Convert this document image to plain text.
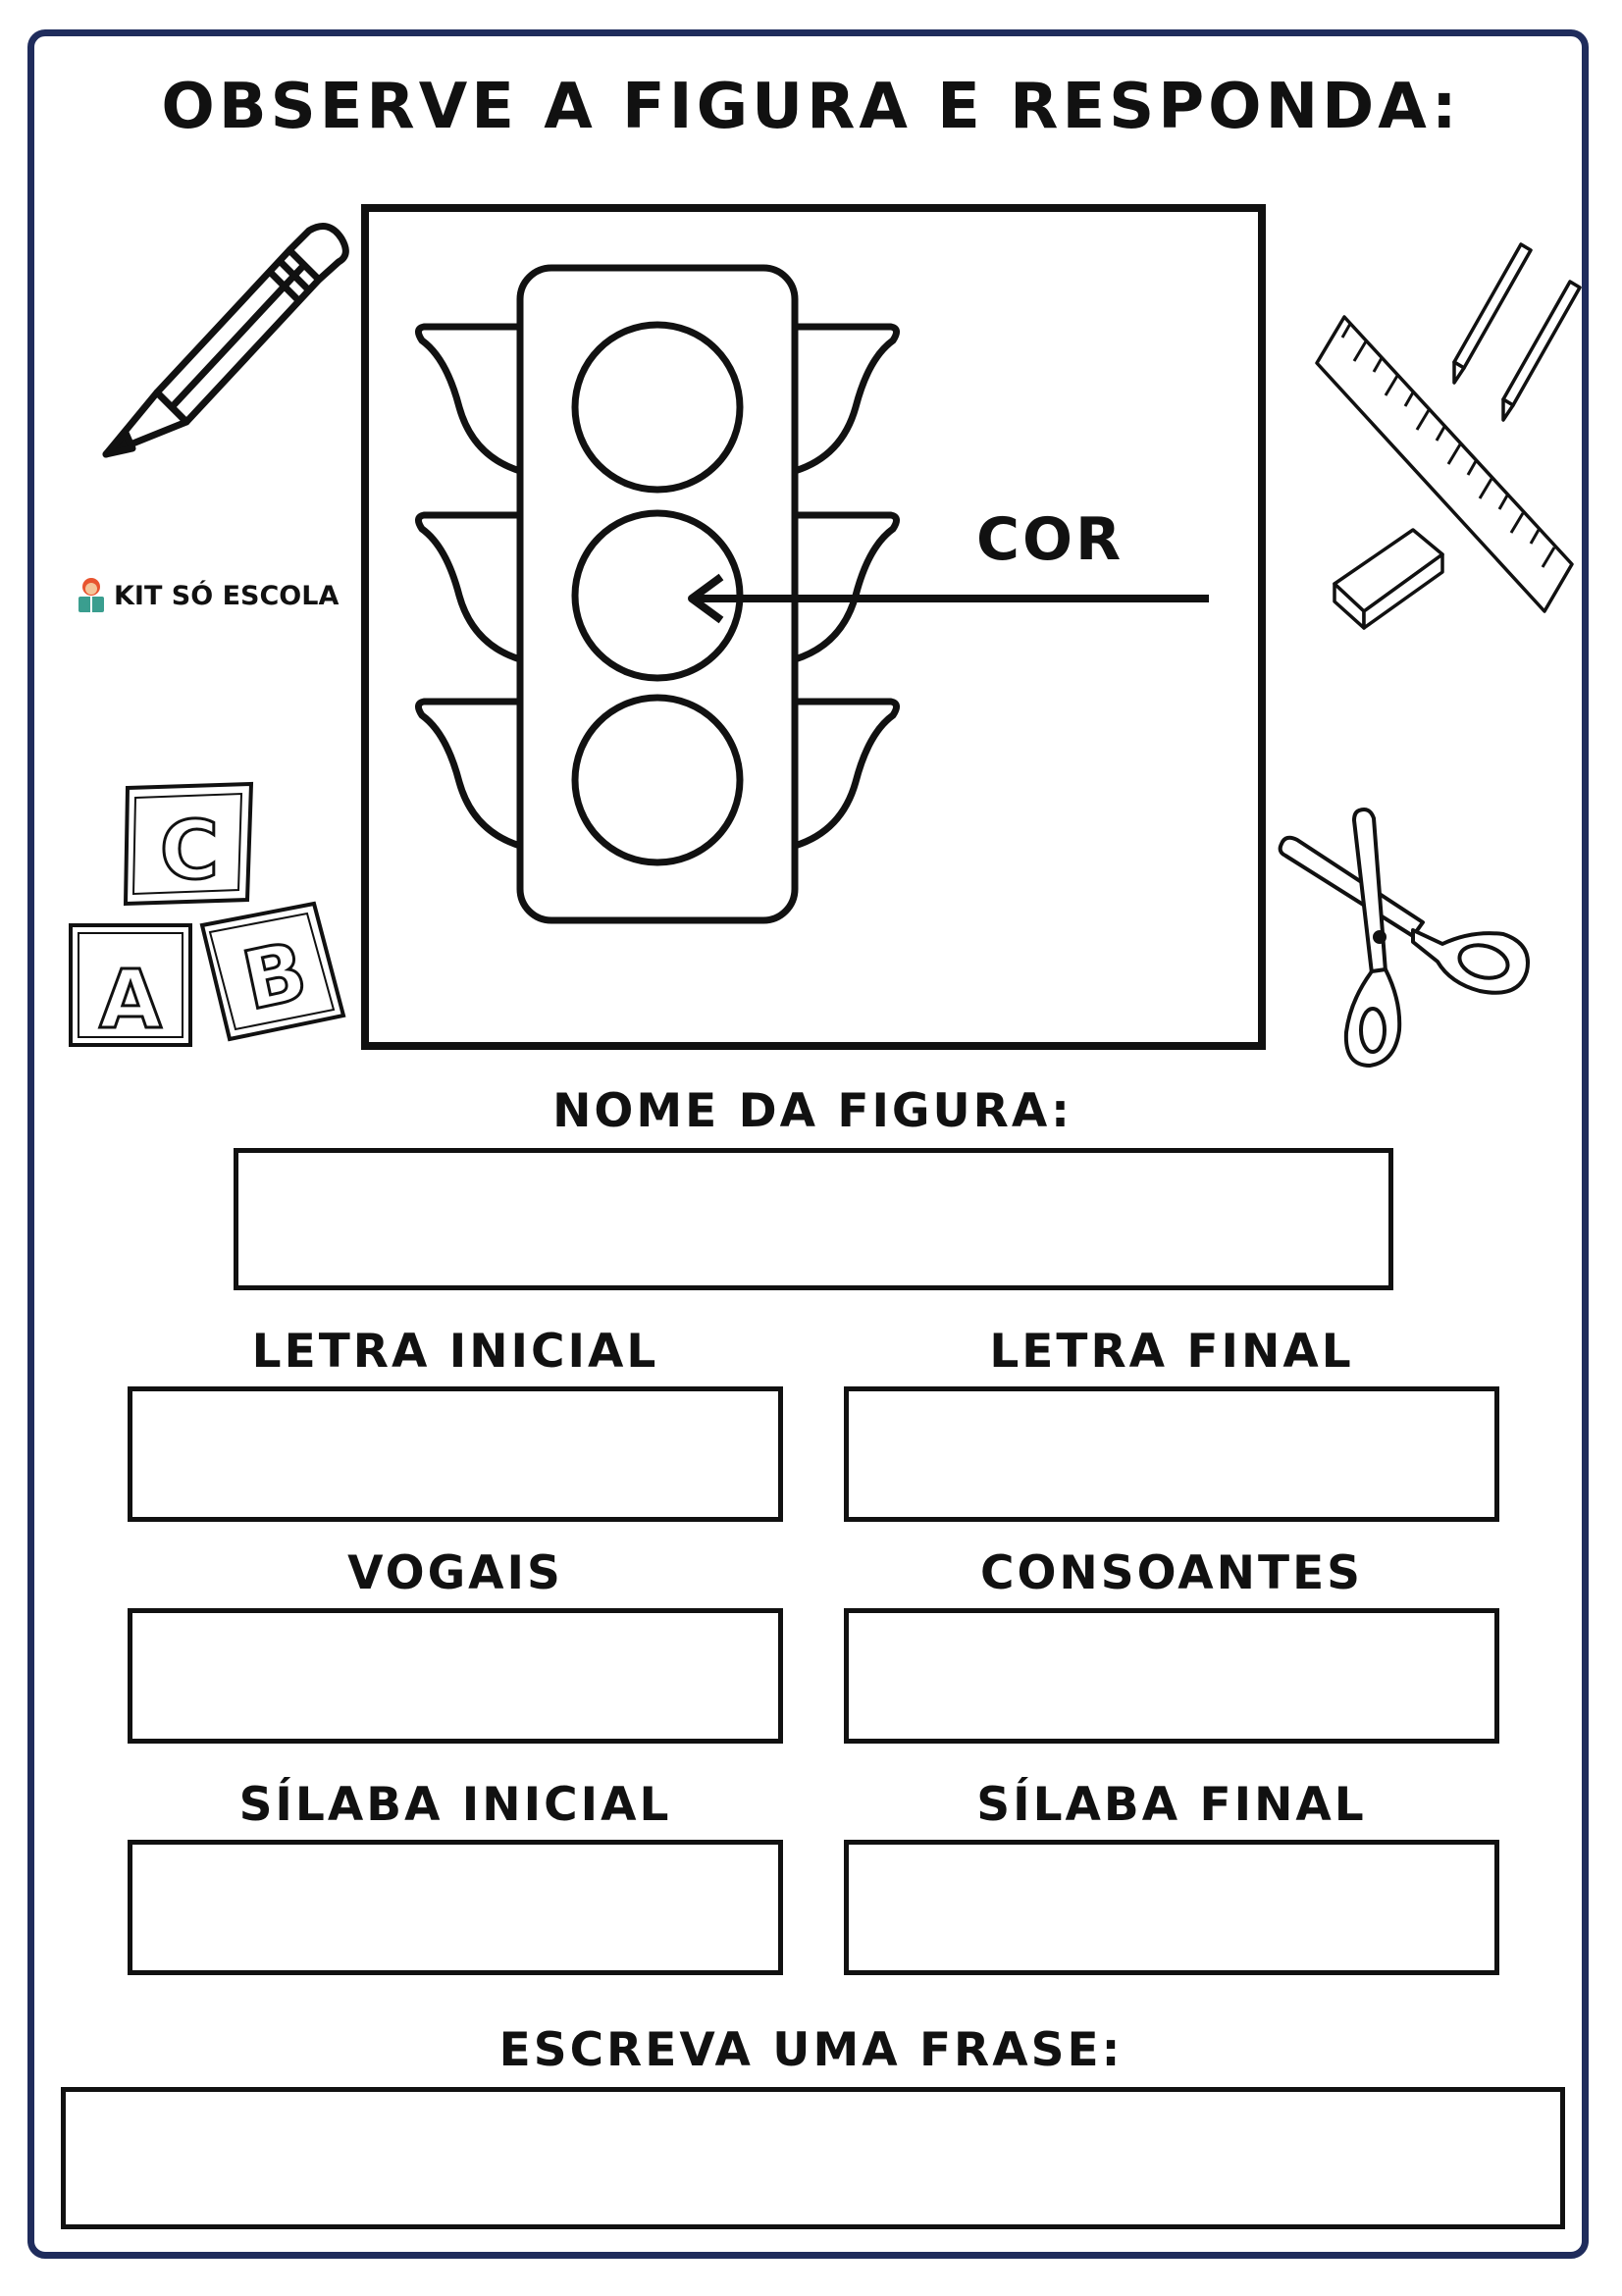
OBSERVE A FIGURA E RESPONDA:
KIT SÓ ESCOLA
C
A B
COR
NOME DA FIGURA:
LETRA INICIAL	LETRA FINAL
VOGAIS	CONSOANTES
SÍLABA INICIAL	SÍLABA FINAL
ESCREVA UMA FRASE:
